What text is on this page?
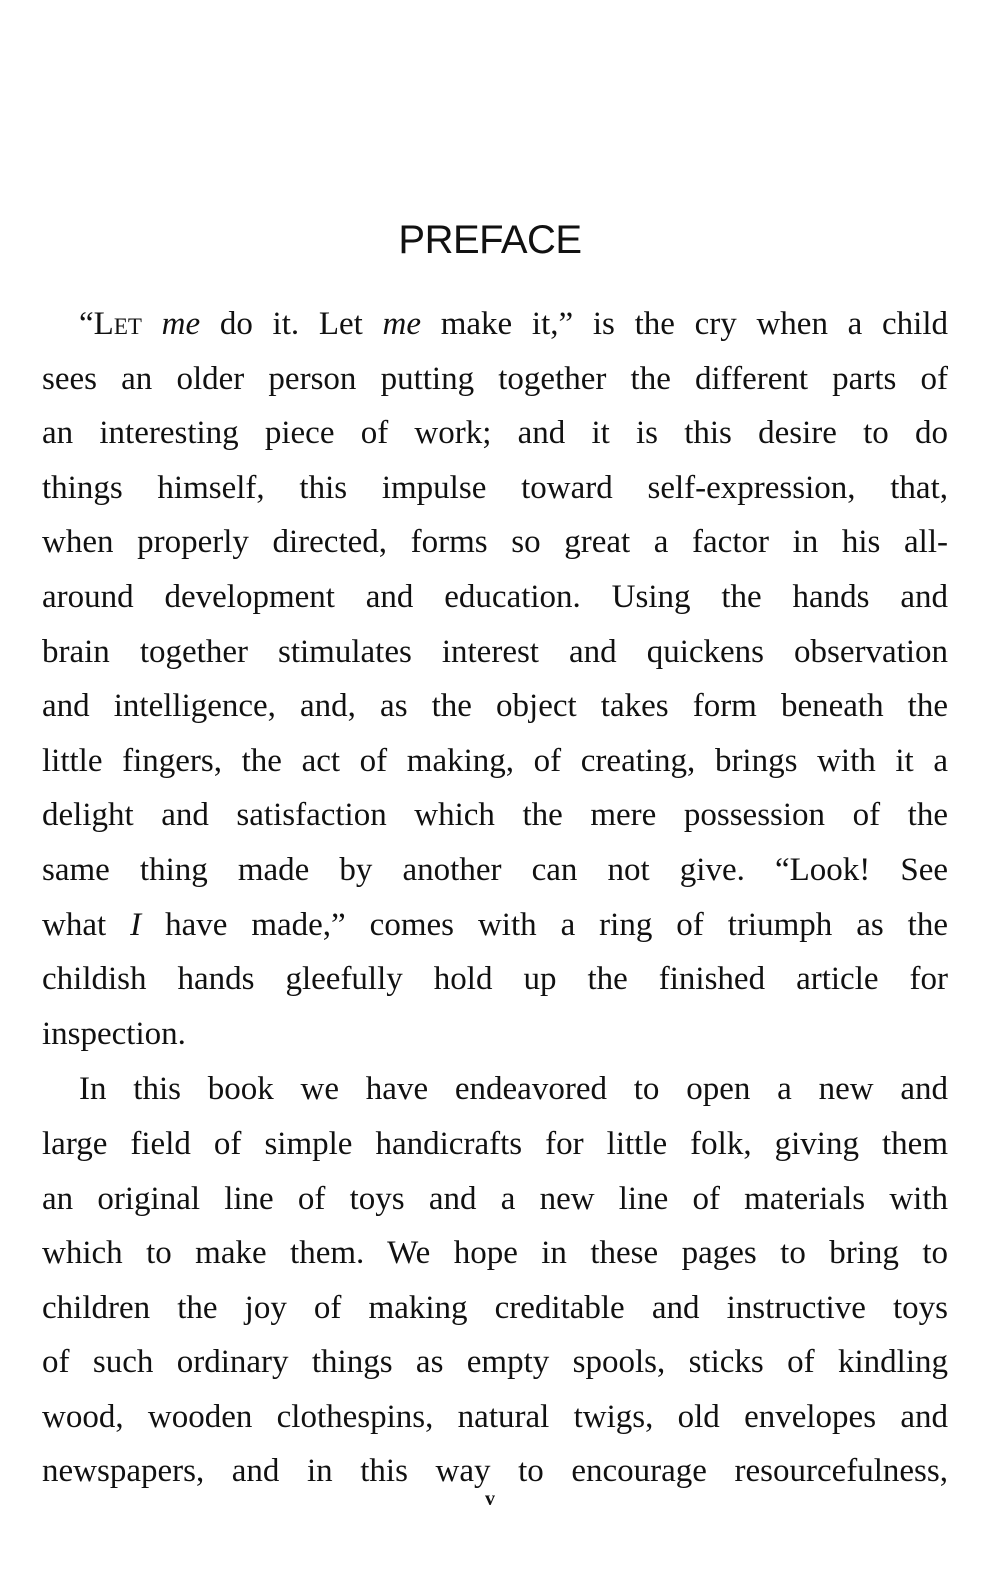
PREFACE
“Let me do it. Let me make it,” is the cry when a child
sees an older person putting together the different parts of
an interesting piece of work; and it is this desire to do
things himself, this impulse toward self-expression, that,
when properly directed, forms so great a factor in his all-
around development and education. Using the hands and
brain together stimulates interest and quickens observation
and intelligence, and, as the object takes form beneath the
little fingers, the act of making, of creating, brings with it a
delight and satisfaction which the mere possession of the
same thing made by another can not give. “Look! See
what I have made,” comes with a ring of triumph as the
childish hands gleefully hold up the finished article for
inspection.
In this book we have endeavored to open a new and
large field of simple handicrafts for little folk, giving them
an original line of toys and a new line of materials with
which to make them. We hope in these pages to bring to
children the joy of making creditable and instructive toys
of such ordinary things as empty spools, sticks of kindling
wood, wooden clothespins, natural twigs, old envelopes and
newspapers, and in this way to encourage resourcefulness,
v
